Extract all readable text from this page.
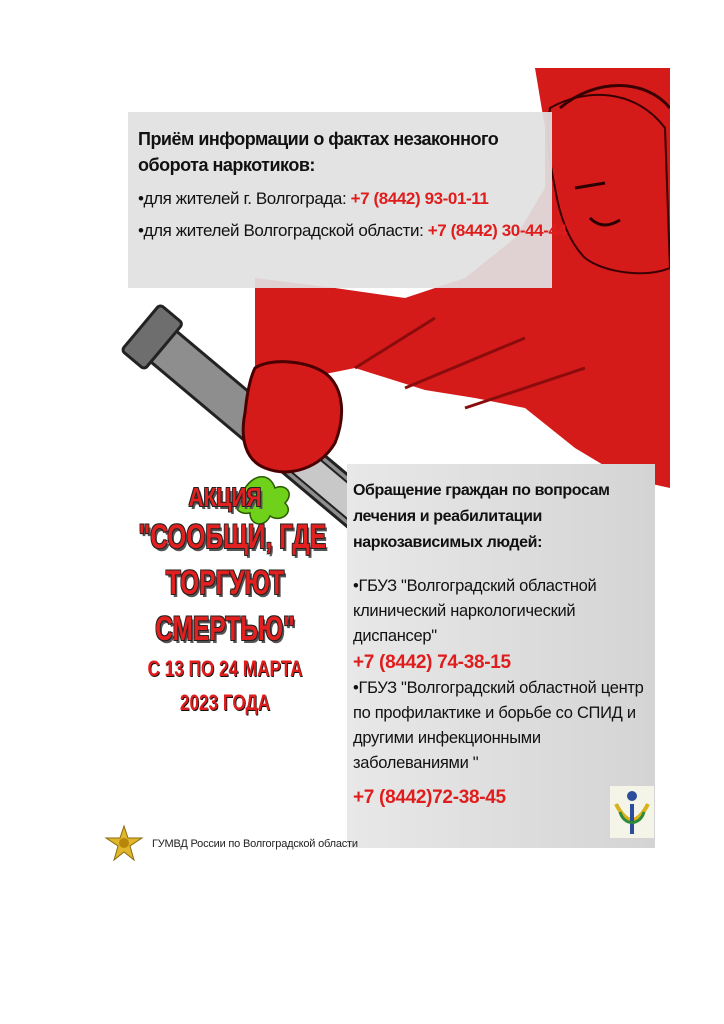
Приём информации о фактах незаконного оборота наркотиков:
•для жителей г. Волгограда: +7 (8442) 93-01-11
•для жителей Волгоградской области: +7 (8442) 30-44-44
АКЦИЯ
"СООБЩИ, ГДЕ
ТОРГУЮТ
СМЕРТЬЮ"
С 13 ПО 24 МАРТА
2023 ГОДА
Обращение граждан по вопросам лечения и реабилитации наркозависимых людей:
•ГБУЗ "Волгоградский областной клинический наркологический диспансер"
+7 (8442) 74-38-15
•ГБУЗ "Волгоградский областной центр по профилактике и борьбе со СПИД и другими инфекционными заболеваниями "
+7 (8442)72-38-45
ГУМВД России по Волгоградской области
